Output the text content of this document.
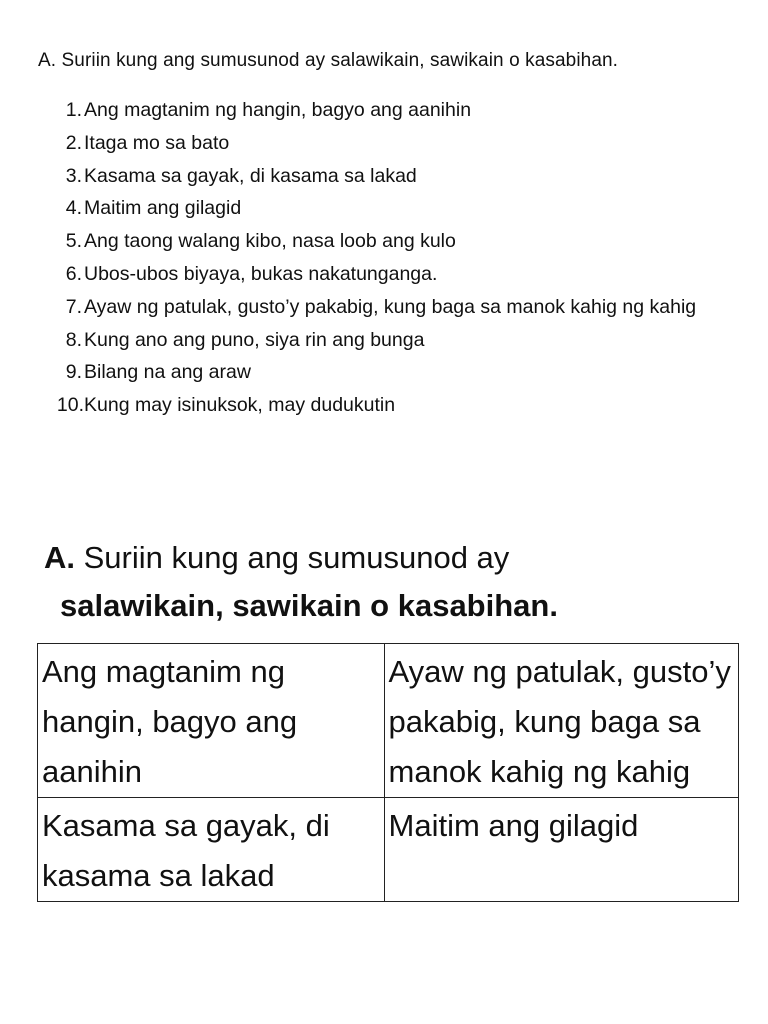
A. Suriin kung ang sumusunod ay salawikain, sawikain o kasabihan.
1. Ang magtanim ng hangin, bagyo ang aanihin
2. Itaga mo sa bato
3. Kasama sa gayak, di kasama sa lakad
4. Maitim ang gilagid
5. Ang taong walang kibo, nasa loob ang kulo
6. Ubos-ubos biyaya, bukas nakatunganga.
7. Ayaw ng patulak, gusto’y pakabig, kung baga sa manok kahig ng kahig
8. Kung ano ang puno, siya rin ang bunga
9. Bilang na ang araw
10. Kung may isinuksok, may dudukutin
A. Suriin kung ang sumusunod ay
salawikain, sawikain o kasabihan.
Ang magtanim ng hangin, bagyo ang aanihin	Ayaw ng patulak, gusto’y pakabig, kung baga sa manok kahig ng kahig
Kasama sa gayak, di kasama sa lakad	Maitim ang gilagid
